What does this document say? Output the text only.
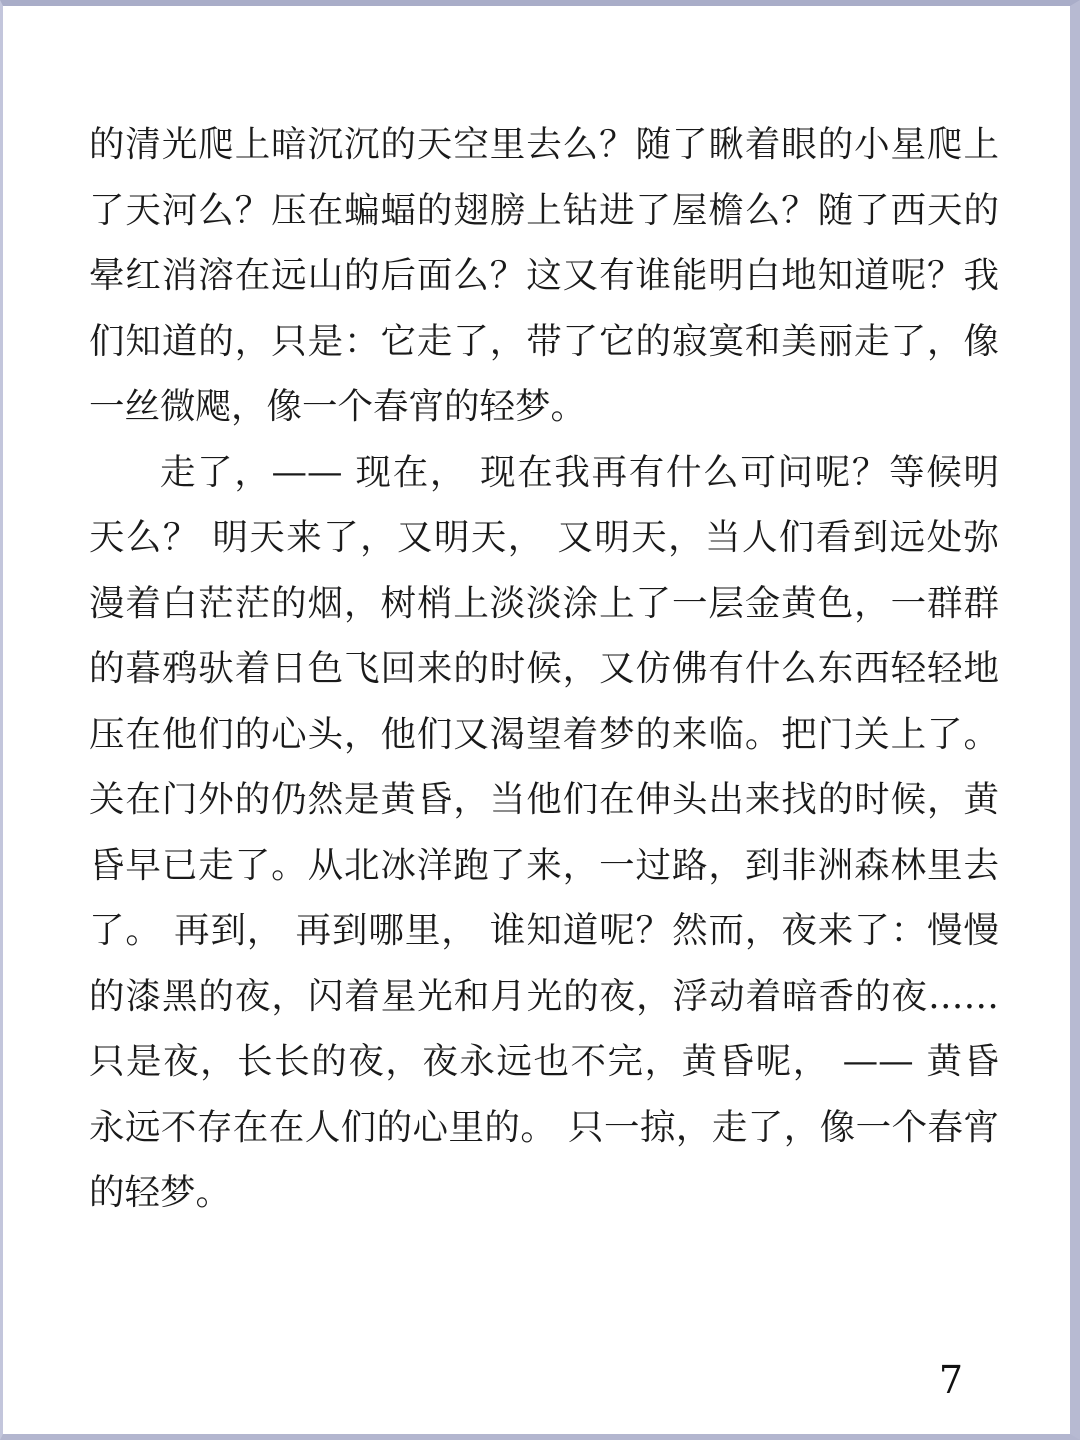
的清光爬上暗沉沉的天空里去么？随了瞅着眼的小星爬上了天河么？压在蝙蝠的翅膀上钻进了屋檐么？随了西天的晕红消溶在远山的后面么？这又有谁能明白地知道呢？我们知道的，只是：它走了，带了它的寂寞和美丽走了，像一丝微飔，像一个春宵的轻梦。

走了，—— 现在， 现在我再有什么可问呢？等候明天么？ 明天来了，又明天， 又明天，当人们看到远处弥漫着白茫茫的烟，树梢上淡淡涂上了一层金黄色，一群群的暮鸦驮着日色飞回来的时候，又仿佛有什么东西轻轻地压在他们的心头，他们又渴望着梦的来临。把门关上了。关在门外的仍然是黄昏，当他们在伸头出来找的时候，黄昏早已走了。从北冰洋跑了来，一过路，到非洲森林里去了。 再到， 再到哪里， 谁知道呢？然而，夜来了：慢慢的漆黑的夜，闪着星光和月光的夜，浮动着暗香的夜……只是夜，长长的夜，夜永远也不完，黄昏呢， —— 黄昏永远不存在在人们的心里的。 只一掠，走了，像一个春宵的轻梦。

7
